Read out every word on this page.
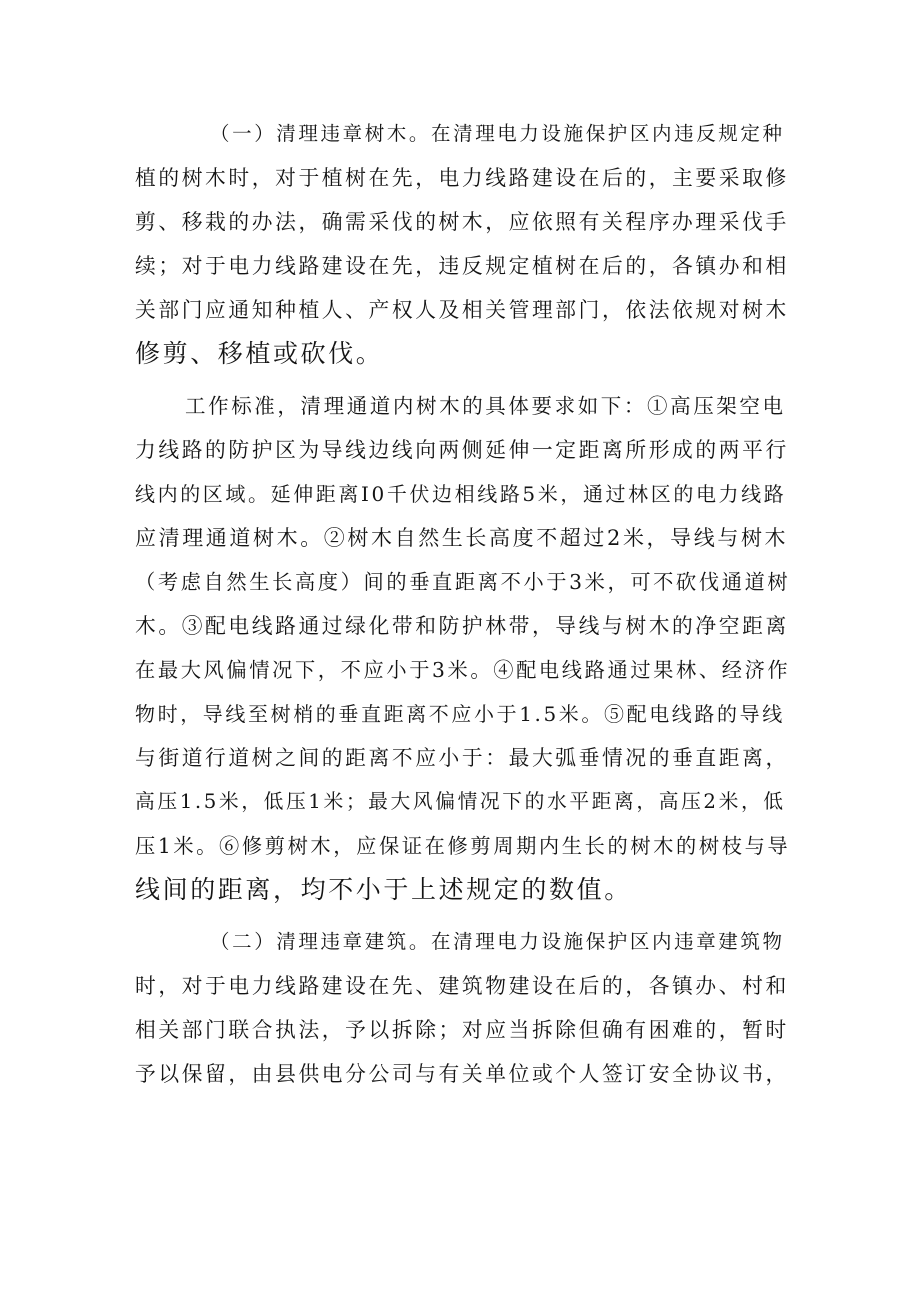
（一）清理违章树木。在清理电力设施保护区内违反规定种
植的树木时，对于植树在先，电力线路建设在后的，主要采取修
剪、移栽的办法，确需采伐的树木，应依照有关程序办理采伐手
续；对于电力线路建设在先，违反规定植树在后的，各镇办和相
关部门应通知种植人、产权人及相关管理部门，依法依规对树木
修剪、移植或砍伐。
工作标准，清理通道内树木的具体要求如下：①高压架空电
力线路的防护区为导线边线向两侧延伸一定距离所形成的两平行
线内的区域。延伸距离I0千伏边相线路5米，通过林区的电力线路
应清理通道树木。②树木自然生长高度不超过2米，导线与树木
（考虑自然生长高度）间的垂直距离不小于3米，可不砍伐通道树
木。③配电线路通过绿化带和防护林带，导线与树木的净空距离
在最大风偏情况下，不应小于3米。④配电线路通过果林、经济作
物时，导线至树梢的垂直距离不应小于1.5米。⑤配电线路的导线
与街道行道树之间的距离不应小于：最大弧垂情况的垂直距离，
高压1.5米，低压1米；最大风偏情况下的水平距离，高压2米，低
压1米。⑥修剪树木，应保证在修剪周期内生长的树木的树枝与导
线间的距离，均不小于上述规定的数值。
（二）清理违章建筑。在清理电力设施保护区内违章建筑物
时，对于电力线路建设在先、建筑物建设在后的，各镇办、村和
相关部门联合执法，予以拆除；对应当拆除但确有困难的，暂时
予以保留，由县供电分公司与有关单位或个人签订安全协议书，
